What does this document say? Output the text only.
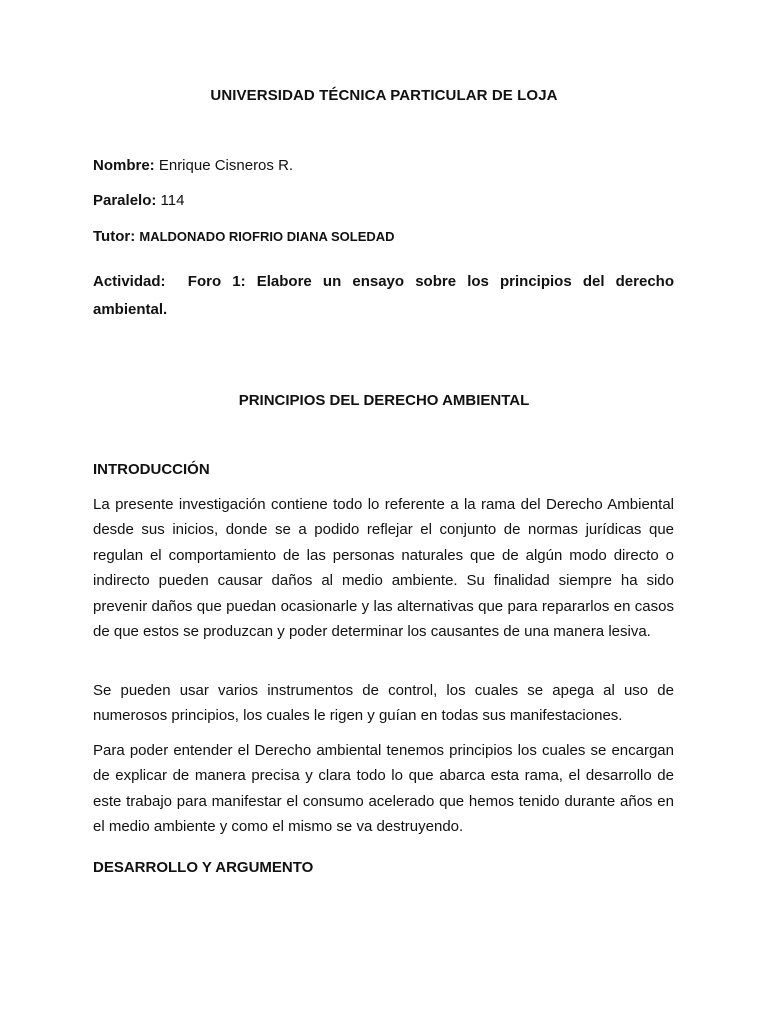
UNIVERSIDAD TÉCNICA PARTICULAR DE LOJA
Nombre: Enrique Cisneros R.
Paralelo: 114
Tutor: MALDONADO RIOFRIO DIANA SOLEDAD
Actividad: Foro 1: Elabore un ensayo sobre los principios del derecho ambiental.
PRINCIPIOS DEL DERECHO AMBIENTAL
INTRODUCCIÓN
La presente investigación contiene todo lo referente a la rama del Derecho Ambiental desde sus inicios, donde se a podido reflejar el conjunto de normas jurídicas que regulan el comportamiento de las personas naturales que de algún modo directo o indirecto pueden causar daños al medio ambiente. Su finalidad siempre ha sido prevenir daños que puedan ocasionarle y las alternativas que para repararlos en casos de que estos se produzcan y poder determinar los causantes de una manera lesiva.
Se pueden usar varios instrumentos de control, los cuales se apega al uso de numerosos principios, los cuales le rigen y guían en todas sus manifestaciones.
Para poder entender el Derecho ambiental tenemos principios los cuales se encargan de explicar de manera precisa y clara todo lo que abarca esta rama, el desarrollo de este trabajo para manifestar el consumo acelerado que hemos tenido durante años en el medio ambiente y como el mismo se va destruyendo.
DESARROLLO Y ARGUMENTO
